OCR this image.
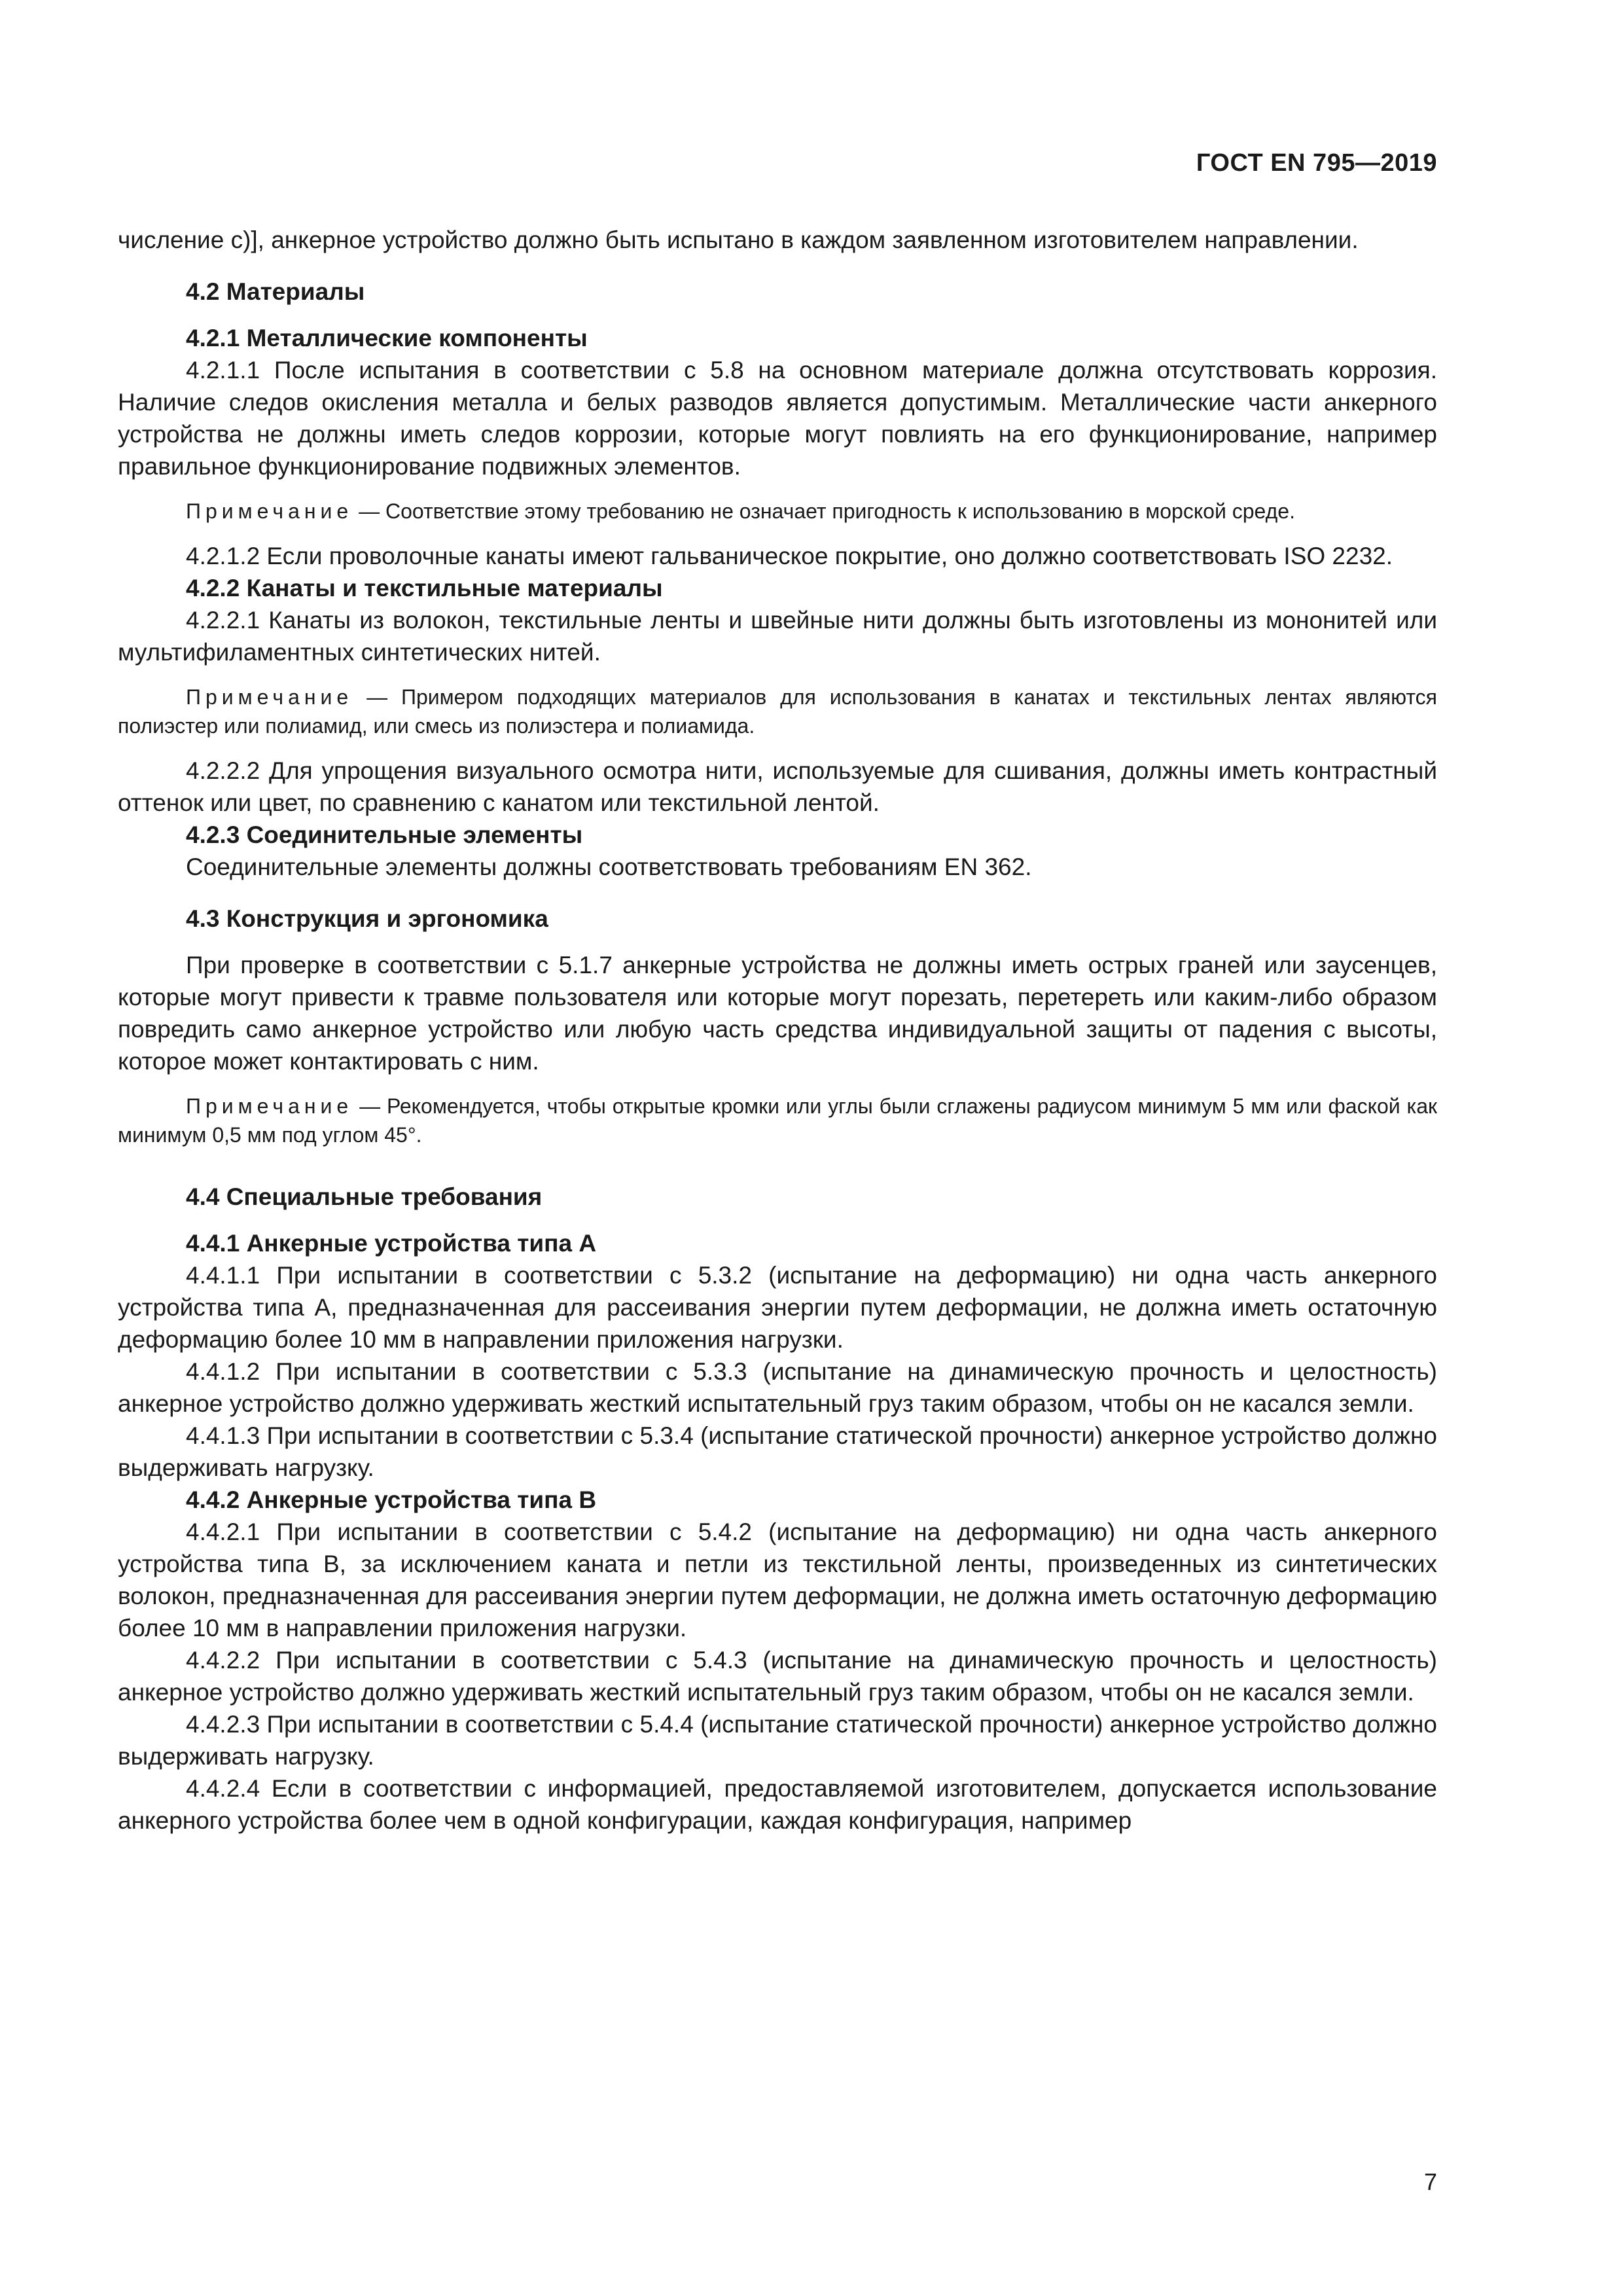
ГОСТ EN 795—2019

числение с)], анкерное устройство должно быть испытано в каждом заявленном изготовителем направлении.

4.2 Материалы

4.2.1 Металлические компоненты

4.2.1.1 После испытания в соответствии с 5.8 на основном материале должна отсутствовать коррозия. Наличие следов окисления металла и белых разводов является допустимым. Металлические части анкерного устройства не должны иметь следов коррозии, которые могут повлиять на его функционирование, например правильное функционирование подвижных элементов.

Примечание — Соответствие этому требованию не означает пригодность к использованию в морской среде.

4.2.1.2 Если проволочные канаты имеют гальваническое покрытие, оно должно соответствовать ISO 2232.

4.2.2 Канаты и текстильные материалы

4.2.2.1 Канаты из волокон, текстильные ленты и швейные нити должны быть изготовлены из мононитей или мультифиламентных синтетических нитей.

Примечание — Примером подходящих материалов для использования в канатах и текстильных лентах являются полиэстер или полиамид, или смесь из полиэстера и полиамида.

4.2.2.2 Для упрощения визуального осмотра нити, используемые для сшивания, должны иметь контрастный оттенок или цвет, по сравнению с канатом или текстильной лентой.

4.2.3 Соединительные элементы

Соединительные элементы должны соответствовать требованиям EN 362.

4.3 Конструкция и эргономика

При проверке в соответствии с 5.1.7 анкерные устройства не должны иметь острых граней или заусенцев, которые могут привести к травме пользователя или которые могут порезать, перетереть или каким-либо образом повредить само анкерное устройство или любую часть средства индивидуальной защиты от падения с высоты, которое может контактировать с ним.

Примечание — Рекомендуется, чтобы открытые кромки или углы были сглажены радиусом минимум 5 мм или фаской как минимум 0,5 мм под углом 45°.

4.4 Специальные требования

4.4.1 Анкерные устройства типа А

4.4.1.1 При испытании в соответствии с 5.3.2 (испытание на деформацию) ни одна часть анкерного устройства типа А, предназначенная для рассеивания энергии путем деформации, не должна иметь остаточную деформацию более 10 мм в направлении приложения нагрузки.

4.4.1.2 При испытании в соответствии с 5.3.3 (испытание на динамическую прочность и целостность) анкерное устройство должно удерживать жесткий испытательный груз таким образом, чтобы он не касался земли.

4.4.1.3 При испытании в соответствии с 5.3.4 (испытание статической прочности) анкерное устройство должно выдерживать нагрузку.

4.4.2 Анкерные устройства типа В

4.4.2.1 При испытании в соответствии с 5.4.2 (испытание на деформацию) ни одна часть анкерного устройства типа В, за исключением каната и петли из текстильной ленты, произведенных из синтетических волокон, предназначенная для рассеивания энергии путем деформации, не должна иметь остаточную деформацию более 10 мм в направлении приложения нагрузки.

4.4.2.2 При испытании в соответствии с 5.4.3 (испытание на динамическую прочность и целостность) анкерное устройство должно удерживать жесткий испытательный груз таким образом, чтобы он не касался земли.

4.4.2.3 При испытании в соответствии с 5.4.4 (испытание статической прочности) анкерное устройство должно выдерживать нагрузку.

4.4.2.4 Если в соответствии с информацией, предоставляемой изготовителем, допускается использование анкерного устройства более чем в одной конфигурации, каждая конфигурация, например

7
